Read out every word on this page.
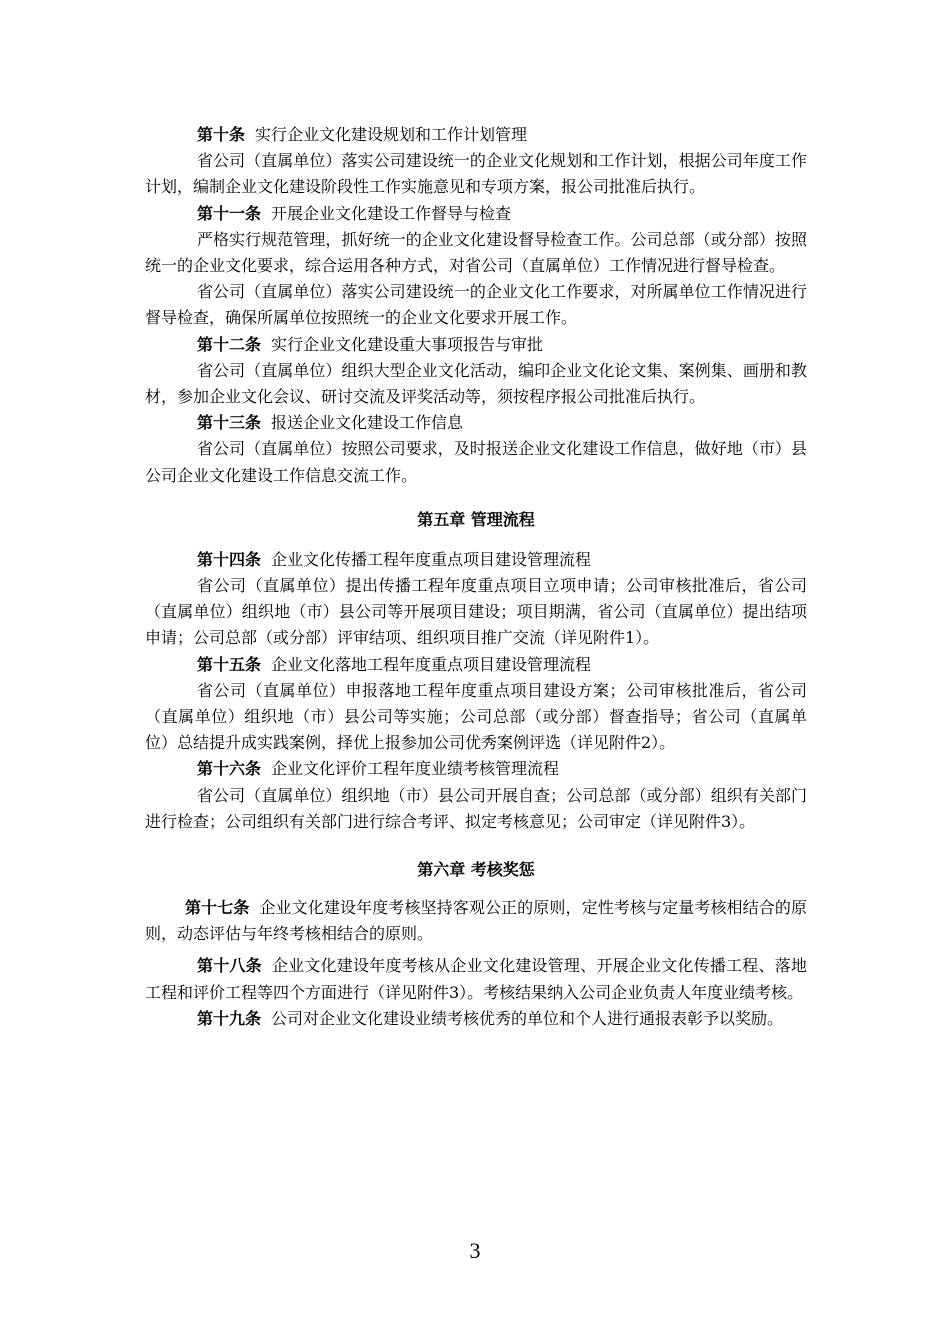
第十条 实行企业文化建设规划和工作计划管理

省公司（直属单位）落实公司建设统一的企业文化规划和工作计划，根据公司年度工作计划，编制企业文化建设阶段性工作实施意见和专项方案，报公司批准后执行。

第十一条 开展企业文化建设工作督导与检查

严格实行规范管理，抓好统一的企业文化建设督导检查工作。公司总部（或分部）按照统一的企业文化要求，综合运用各种方式，对省公司（直属单位）工作情况进行督导检查。

省公司（直属单位）落实公司建设统一的企业文化工作要求，对所属单位工作情况进行督导检查，确保所属单位按照统一的企业文化要求开展工作。

第十二条 实行企业文化建设重大事项报告与审批

省公司（直属单位）组织大型企业文化活动，编印企业文化论文集、案例集、画册和教材，参加企业文化会议、研讨交流及评奖活动等，须按程序报公司批准后执行。

第十三条 报送企业文化建设工作信息

省公司（直属单位）按照公司要求，及时报送企业文化建设工作信息，做好地（市）县公司企业文化建设工作信息交流工作。

第五章 管理流程

第十四条 企业文化传播工程年度重点项目建设管理流程

省公司（直属单位）提出传播工程年度重点项目立项申请；公司审核批准后，省公司（直属单位）组织地（市）县公司等开展项目建设；项目期满，省公司（直属单位）提出结项申请；公司总部（或分部）评审结项、组织项目推广交流（详见附件1）。

第十五条 企业文化落地工程年度重点项目建设管理流程

省公司（直属单位）申报落地工程年度重点项目建设方案；公司审核批准后，省公司（直属单位）组织地（市）县公司等实施；公司总部（或分部）督查指导；省公司（直属单位）总结提升成实践案例，择优上报参加公司优秀案例评选（详见附件2）。

第十六条 企业文化评价工程年度业绩考核管理流程

省公司（直属单位）组织地（市）县公司开展自查；公司总部（或分部）组织有关部门进行检查；公司组织有关部门进行综合考评、拟定考核意见；公司审定（详见附件3）。

第六章 考核奖惩

第十七条 企业文化建设年度考核坚持客观公正的原则，定性考核与定量考核相结合的原则，动态评估与年终考核相结合的原则。

第十八条 企业文化建设年度考核从企业文化建设管理、开展企业文化传播工程、落地工程和评价工程等四个方面进行（详见附件3）。考核结果纳入公司企业负责人年度业绩考核。

第十九条 公司对企业文化建设业绩考核优秀的单位和个人进行通报表彰予以奖励。

3
